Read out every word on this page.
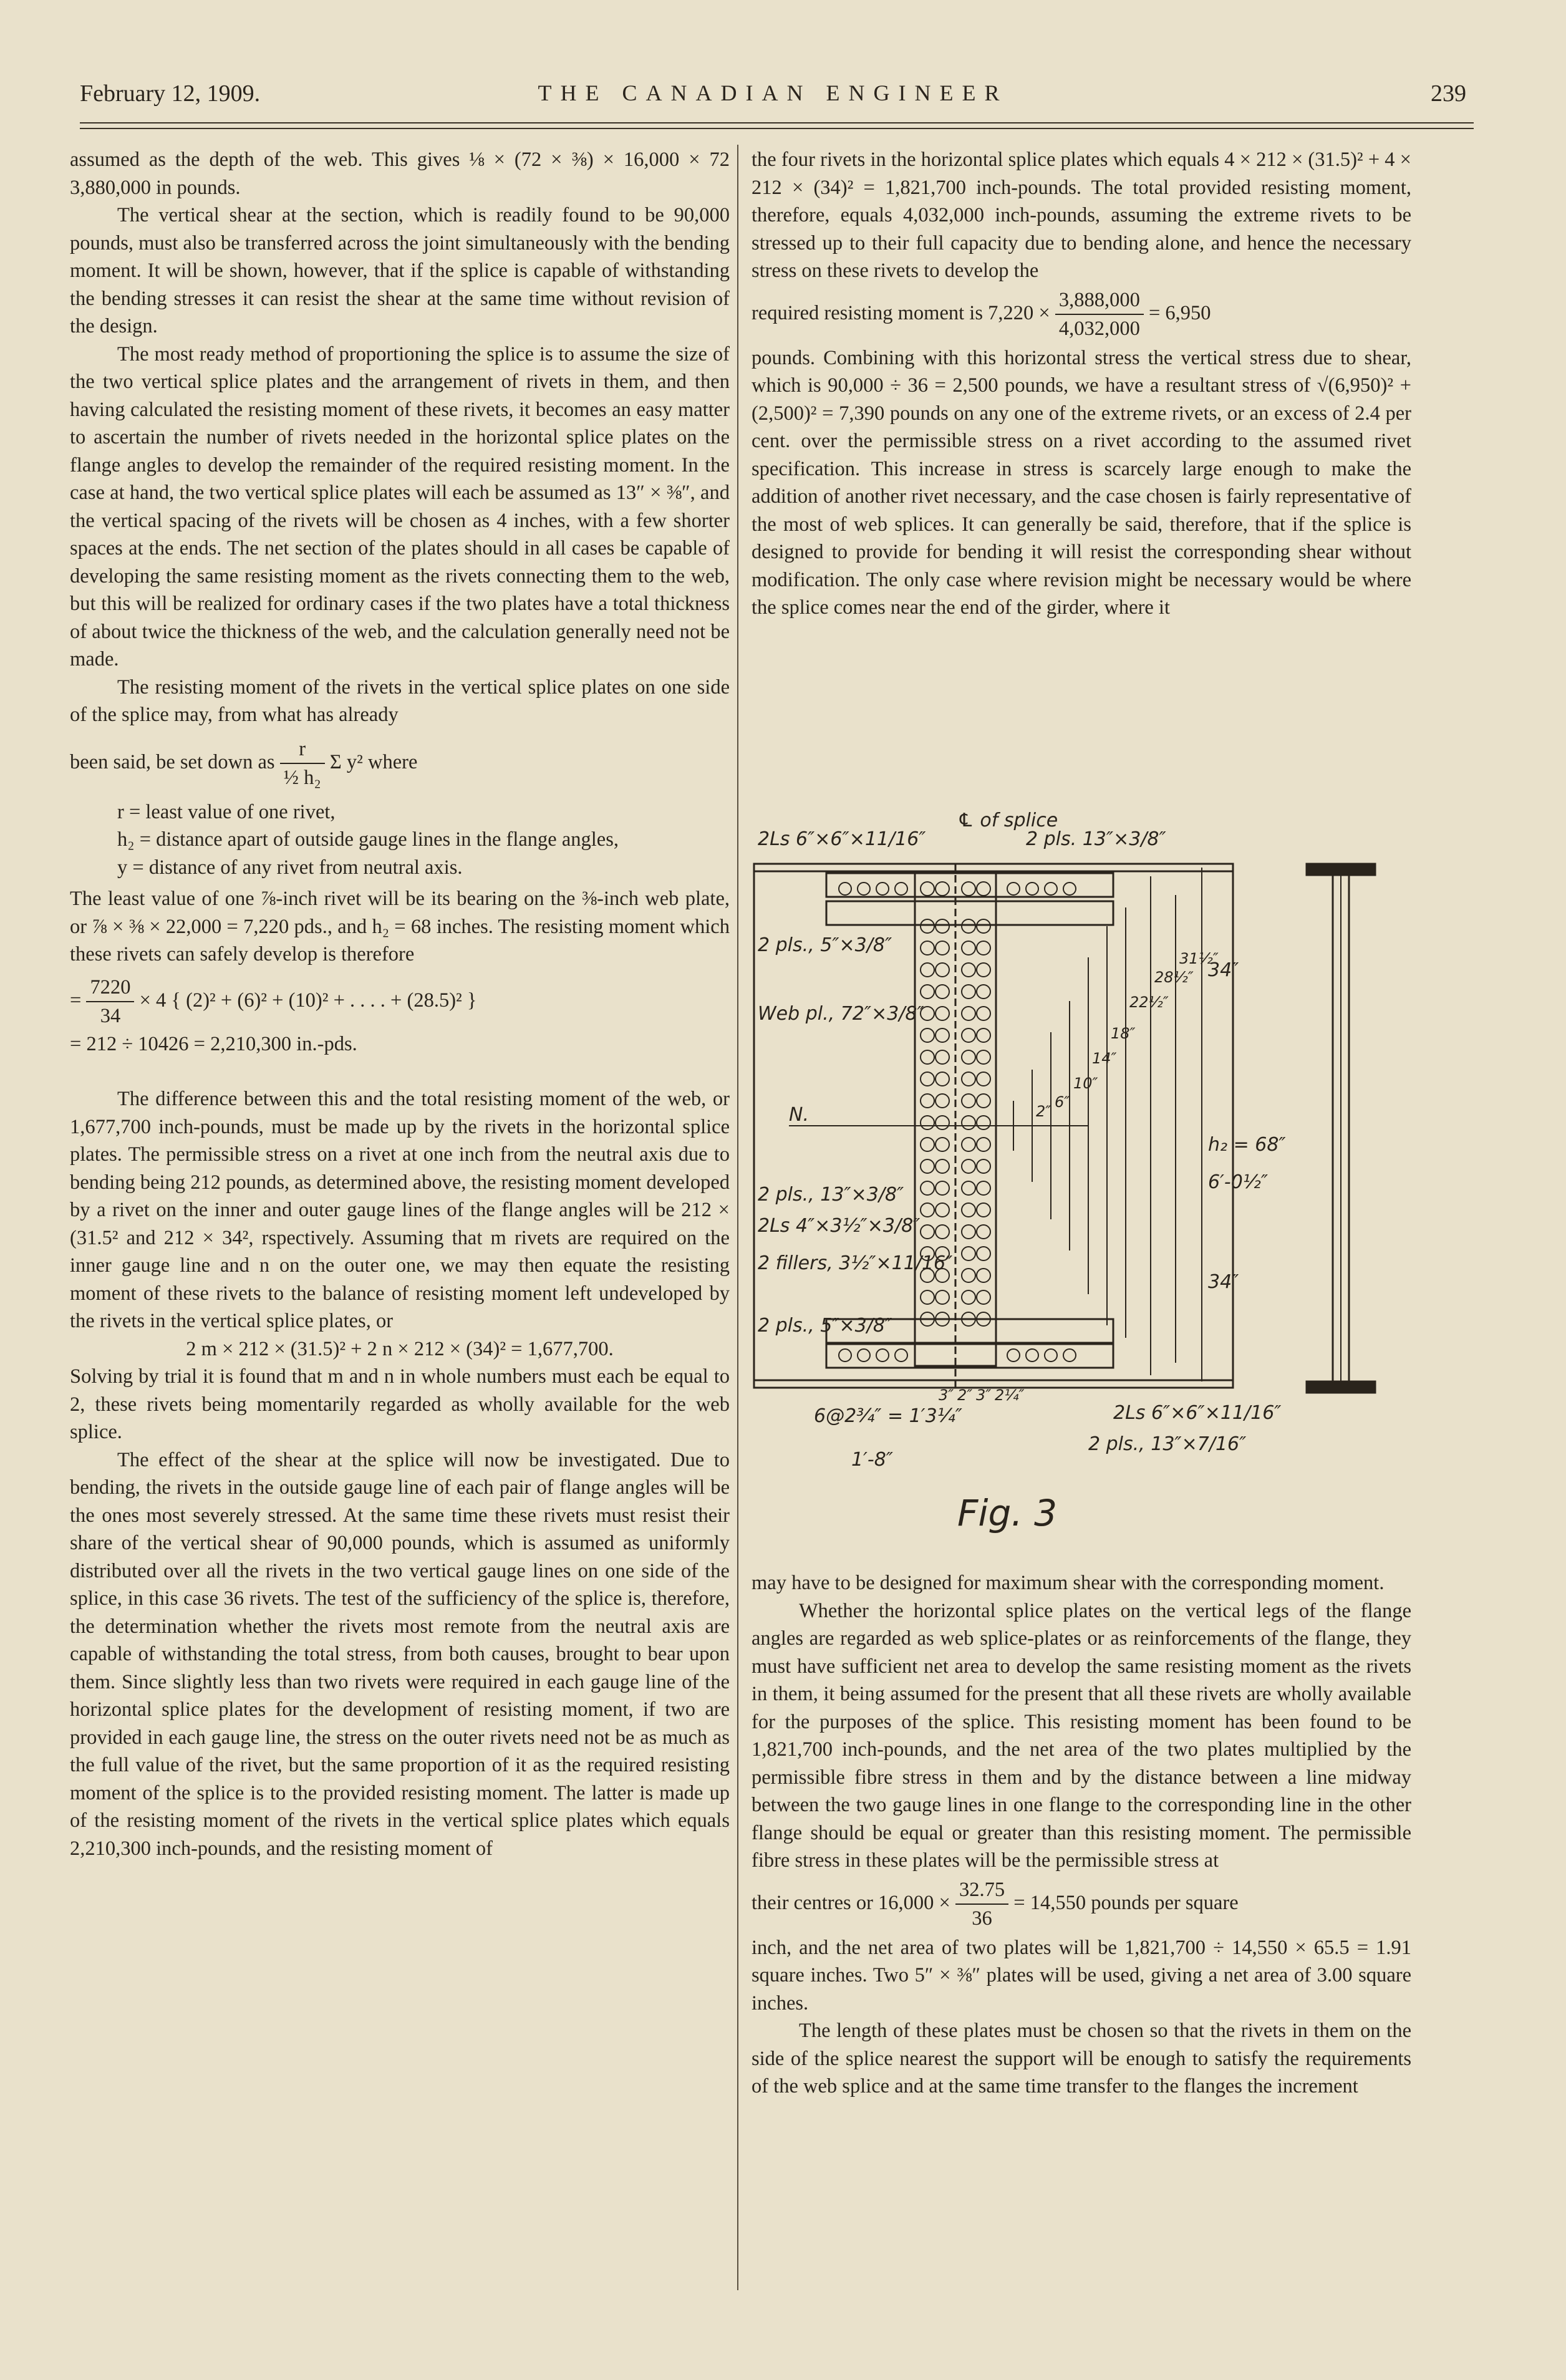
February 12, 1909.	THE CANADIAN ENGINEER	239

assumed as the depth of the web. This gives ⅛ × (72 × ⅜) × 16,000 × 72 3,880,000 in pounds.

The vertical shear at the section, which is readily found to be 90,000 pounds, must also be transferred across the joint simultaneously with the bending moment. It will be shown, however, that if the splice is capable of withstanding the bending stresses it can resist the shear at the same time without revision of the design.

The most ready method of proportioning the splice is to assume the size of the two vertical splice plates and the arrangement of rivets in them, and then having calculated the resisting moment of these rivets, it becomes an easy matter to ascertain the number of rivets needed in the horizontal splice plates on the flange angles to develop the remainder of the required resisting moment. In the case at hand, the two vertical splice plates will each be assumed as 13″ × ⅜″, and the vertical spacing of the rivets will be chosen as 4 inches, with a few shorter spaces at the ends. The net section of the plates should in all cases be capable of developing the same resisting moment as the rivets connecting them to the web, but this will be realized for ordinary cases if the two plates have a total thickness of about twice the thickness of the web, and the calculation generally need not be made.

The resisting moment of the rivets in the vertical splice plates on one side of the splice may, from what has already

been said, be set down as $\frac{r}{\text{½ h₂}}$ Σ y² where

r = least value of one rivet,
h₂ = distance apart of outside gauge lines in the flange angles,
y = distance of any rivet from neutral axis.

The least value of one ⅞-inch rivet will be its bearing on the ⅜-inch web plate, or ⅞ × ⅜ × 22,000 = 7,220 pds., and h₂ = 68 inches. The resisting moment which these rivets can safely develop is therefore

= $\frac{7220}{34} \times 4$ { (2)² + (6)² + (10)² + . . . . + (28.5)² }

= 212 ÷ 10426 = 2,210,300 in.-pds.

The difference between this and the total resisting moment of the web, or 1,677,700 inch-pounds, must be made up by the rivets in the horizontal splice plates. The permissible stress on a rivet at one inch from the neutral axis due to bending being 212 pounds, as determined above, the resisting moment developed by a rivet on the inner and outer gauge lines of the flange angles will be 212 × (31.5² and 212 × 34², rspectively. Assuming that m rivets are required on the inner gauge line and n on the outer one, we may then equate the resisting moment of these rivets to the balance of resisting moment left undeveloped by the rivets in the vertical splice plates, or

2 m × 212 × (31.5)² + 2 n × 212 × (34)² = 1,677,700.

Solving by trial it is found that m and n in whole numbers must each be equal to 2, these rivets being momentarily regarded as wholly available for the web splice.

The effect of the shear at the splice will now be investigated. Due to bending, the rivets in the outside gauge line of each pair of flange angles will be the ones most severely stressed. At the same time these rivets must resist their share of the vertical shear of 90,000 pounds, which is assumed as uniformly distributed over all the rivets in the two vertical gauge lines on one side of the splice, in this case 36 rivets. The test of the sufficiency of the splice is, therefore, the determination whether the rivets most remote from the neutral axis are capable of withstanding the total stress, from both causes, brought to bear upon them. Since slightly less than two rivets were required in each gauge line of the horizontal splice plates for the development of resisting moment, if two are provided in each gauge line, the stress on the outer rivets need not be as much as the full value of the rivet, but the same proportion of it as the required resisting moment of the splice is to the provided resisting moment. The latter is made up of the resisting moment of the rivets in the vertical splice plates which equals 2,210,300 inch-pounds, and the resisting moment of

the four rivets in the horizontal splice plates which equals 4 × 212 × (31.5)² + 4 × 212 × (34)² = 1,821,700 inch-pounds. The total provided resisting moment, therefore, equals 4,032,000 inch-pounds, assuming the extreme rivets to be stressed up to their full capacity due to bending alone, and hence the necessary stress on these rivets to develop the

required resisting moment is $7,220 \times \frac{3,888,000}{4,032,000} = 6,950$

pounds. Combining with this horizontal stress the vertical stress due to shear, which is 90,000 ÷ 36 = 2,500 pounds, we have a resultant stress of √(6,950)² + (2,500)² = 7,390 pounds on any one of the extreme rivets, or an excess of 2.4 per cent. over the permissible stress on a rivet according to the assumed rivet specification. This increase in stress is scarcely large enough to make the addition of another rivet necessary, and the case chosen is fairly representative of the most of web splices. It can generally be said, therefore, that if the splice is designed to provide for bending it will resist the corresponding shear without modification. The only case where revision might be necessary would be where the splice comes near the end of the girder, where it

2Ls 6″×6″×11/16″
℄ of splice
2 pls. 13″×3/8″
2 pls., 5″×3/8″
Web pl., 72″×3/8″
N.
2 pls., 13″×3/8″
2Ls 4″×3½″×3/8″
2 fillers, 3½″×11/16″
2 pls., 5″×3/8″
6@2¾″ = 1′3¼″
1′-8″
2Ls 6″×6″×11/16″
2 pls., 13″×7/16″
34″
h₂ = 68″
6′-0½″
34″
31½″
28½″
22½″
18″
14″
10″
6″
2″
3″ 2″ 3″ 2¼″
Fig. 3

may have to be designed for maximum shear with the corresponding moment.

Whether the horizontal splice plates on the vertical legs of the flange angles are regarded as web splice-plates or as reinforcements of the flange, they must have sufficient net area to develop the same resisting moment as the rivets in them, it being assumed for the present that all these rivets are wholly available for the purposes of the splice. This resisting moment has been found to be 1,821,700 inch-pounds, and the net area of the two plates multiplied by the permissible fibre stress in them and by the distance between a line midway between the two gauge lines in one flange to the corresponding line in the other flange should be equal or greater than this resisting moment. The permissible fibre stress in these plates will be the permissible stress at

their centres or $16,000 \times \frac{32.75}{36} = 14,550$ pounds per square

inch, and the net area of two plates will be 1,821,700 ÷ 14,550 × 65.5 = 1.91 square inches. Two 5″ × ⅜″ plates will be used, giving a net area of 3.00 square inches.

The length of these plates must be chosen so that the rivets in them on the side of the splice nearest the support will be enough to satisfy the requirements of the web splice and at the same time transfer to the flanges the increment
